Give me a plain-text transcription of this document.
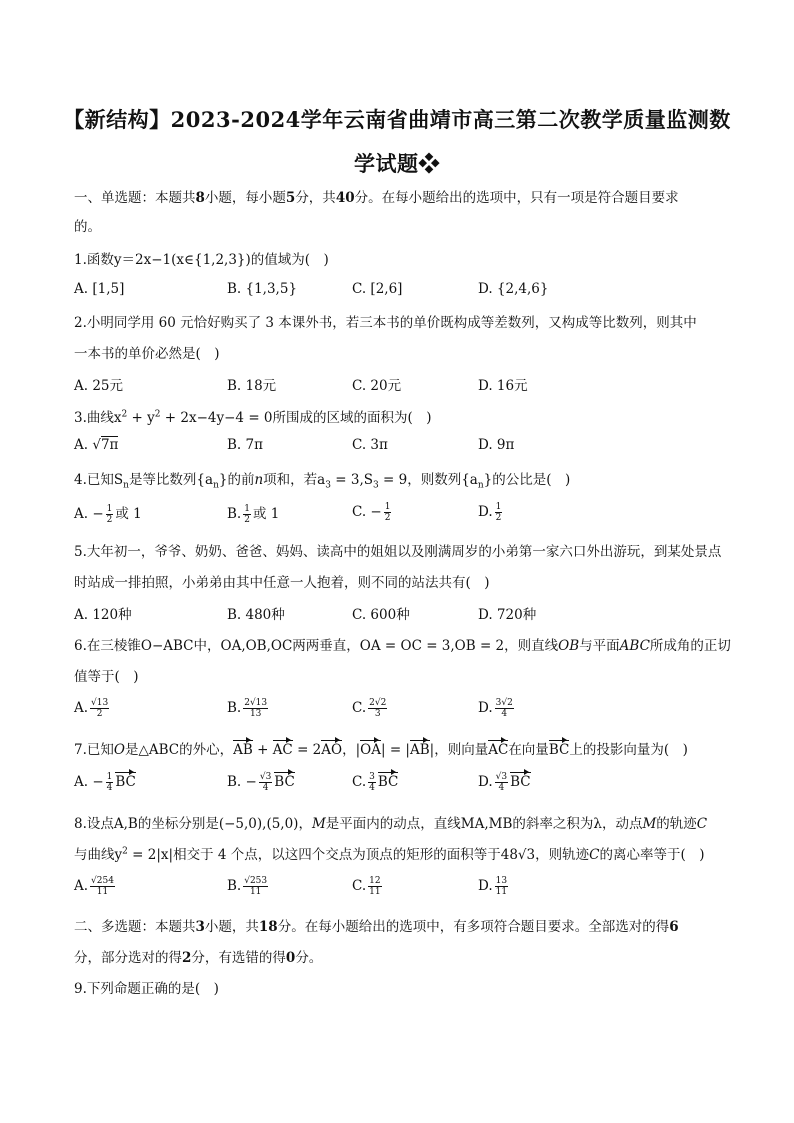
【新结构】2023-2024学年云南省曲靖市高三第二次教学质量监测数
学试题❖
一、单选题：本题共8小题，每小题5分，共40分。在每小题给出的选项中，只有一项是符合题目要求
的。
1.函数y＝2x−1(x∈{1,2,3})的值域为(　)
A. [1,5]	B. {1,3,5}	C. [2,6]	D. {2,4,6}
2.小明同学用 60 元恰好购买了 3 本课外书，若三本书的单价既构成等差数列，又构成等比数列，则其中
一本书的单价必然是(　)
A. 25元	B. 18元	C. 20元	D. 16元
3.曲线$x^2 + y^2 + 2x-4y-4 = 0$所围成的区域的面积为(　)
A. √7π	B. 7π	C. 3π	D. 9π
4.已知$S_n$是等比数列$\{a_n\}$的前n项和，若$a_3 = 3,S_3 = 9$，则数列$\{a_n\}$的公比是(　)
A. − $\frac{1}{2}$ 或 1	B. $\frac{1}{2}$ 或 1	C. − $\frac{1}{2}$	D. $\frac{1}{2}$
5.大年初一，爷爷、奶奶、爸爸、妈妈、读高中的姐姐以及刚满周岁的小弟第一家六口外出游玩，到某处景点
时站成一排拍照，小弟弟由其中任意一人抱着，则不同的站法共有(　)
A. 120种	B. 480种	C. 600种	D. 720种
6.在三棱锥O−ABC中，OA,OB,OC两两垂直，OA = OC = 3,OB = 2，则直线OB与平面ABC所成角的正切
值等于(　)
A. $\frac{√13}{2}$	B. $\frac{2√13}{13}$	C. $\frac{2√2}{3}$	D. $\frac{3√2}{4}$
7.已知O是△ABC的外心，AB + AC = 2AO，|OA| = |AB|，则向量AC在向量BC上的投影向量为(　)
A. − $\frac{1}{4}$ BC	B. − $\frac{√3}{4}$ BC	C. $\frac{3}{4}$ BC	D. $\frac{√3}{4}$ BC
8.设点A,B的坐标分别是(−5,0),(5,0)，M是平面内的动点，直线MA,MB的斜率之积为λ，动点M的轨迹C
与曲线$y^2 = 2|x|$相交于 4 个点，以这四个交点为顶点的矩形的面积等于48√3，则轨迹C的离心率等于(　)
A. $\frac{√254}{11}$	B. $\frac{√253}{11}$	C. $\frac{12}{11}$	D. $\frac{13}{11}$
二、多选题：本题共3小题，共18分。在每小题给出的选项中，有多项符合题目要求。全部选对的得6
分，部分选对的得2分，有选错的得0分。
9.下列命题正确的是(　)
